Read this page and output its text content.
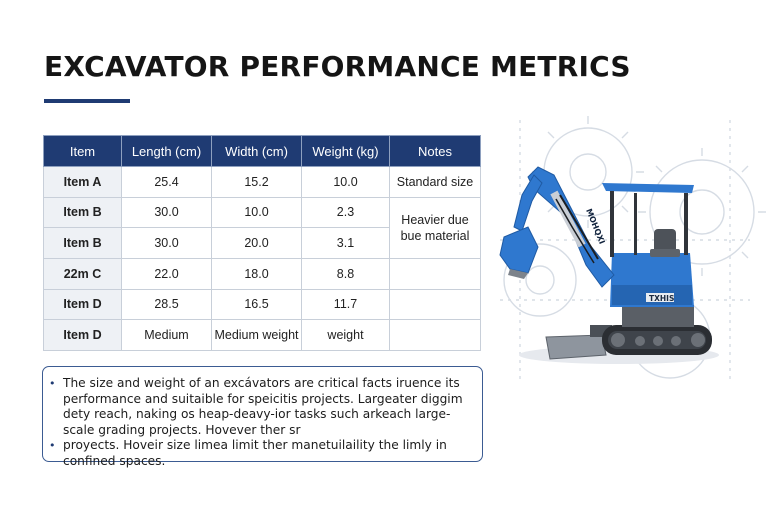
EXCAVATOR PERFORMANCE METRICS
Item	Length (cm)	Width (cm)	Weight (kg)	Notes
Item A	25.4	15.2	10.0	Standard size
Item B	30.0	10.0	2.3	Heavier due
bue material
Item B	30.0	20.0	3.1	
22m C	22.0	18.0	8.8	
Item D	28.5	16.5	11.7	
Item D	Medium	Medium weight	weight	

• The size and weight of an excávators are critical facts iruence its performance and suitaible for speicitis projects. Largeater diggim dety reach, naking os heap-deavy-ior tasks such arkeach large-scale grading projects. Hovever ther sr

• proyects. Hoveir size limea limit ther manetuilaility the limly in confined spaces.

TXHIS
MOHQXI
